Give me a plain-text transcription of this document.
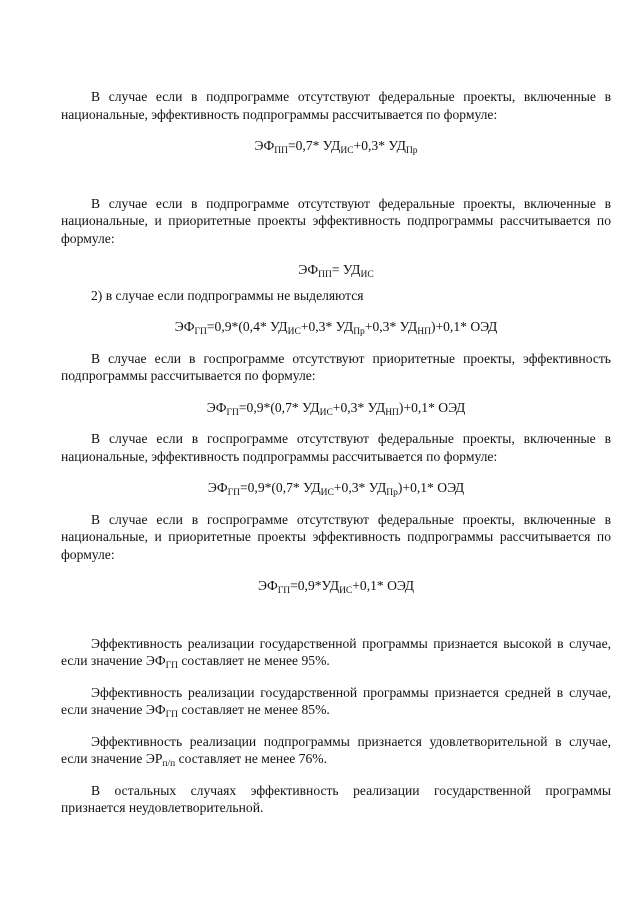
В случае если в подпрограмме отсутствуют федеральные проекты, включенные в национальные, эффективность подпрограммы рассчитывается по формуле:

$ЭФ_{ПП}=0,7*$ $УД_{ИС}+0,3*$ $УД_{Пр}$

В случае если в подпрограмме отсутствуют федеральные проекты, включенные в национальные, и приоритетные проекты эффективность подпрограммы рассчитывается по формуле:

$ЭФ_{ПП}= УД_{ИС}$

2) в случае если подпрограммы не выделяются

$ЭФ_{ГП}=0,9*(0,4*$ $УД_{ИС}+0,3*$ $УД_{Пр}+0,3*$ $УД_{НП})+0,1*$ ОЭД

В случае если в госпрограмме отсутствуют приоритетные проекты, эффективность подпрограммы рассчитывается по формуле:

$ЭФ_{ГП}=0,9*(0,7*$ $УД_{ИС}+0,3*$ $УД_{НП})+0,1*$ ОЭД

В случае если в госпрограмме отсутствуют федеральные проекты, включенные в национальные, эффективность подпрограммы рассчитывается по формуле:

$ЭФ_{ГП}=0,9*(0,7*$ $УД_{ИС}+0,3*$ $УД_{Пр})+0,1*$ ОЭД

В случае если в госпрограмме отсутствуют федеральные проекты, включенные в национальные, и приоритетные проекты эффективность подпрограммы рассчитывается по формуле:

$ЭФ_{ГП}=0,9*УД_{ИС}+0,1*$ ОЭД

Эффективность реализации государственной программы признается высокой в случае, если значение $ЭФ_{ГП}$ составляет не менее 95%.

Эффективность реализации государственной программы признается средней в случае, если значение $ЭФ_{ГП}$ составляет не менее 85%.

Эффективность реализации подпрограммы признается удовлетворительной в случае, если значение $ЭР_{п/п}$ составляет не менее 76%.

В остальных случаях эффективность реализации государственной программы признается неудовлетворительной.
